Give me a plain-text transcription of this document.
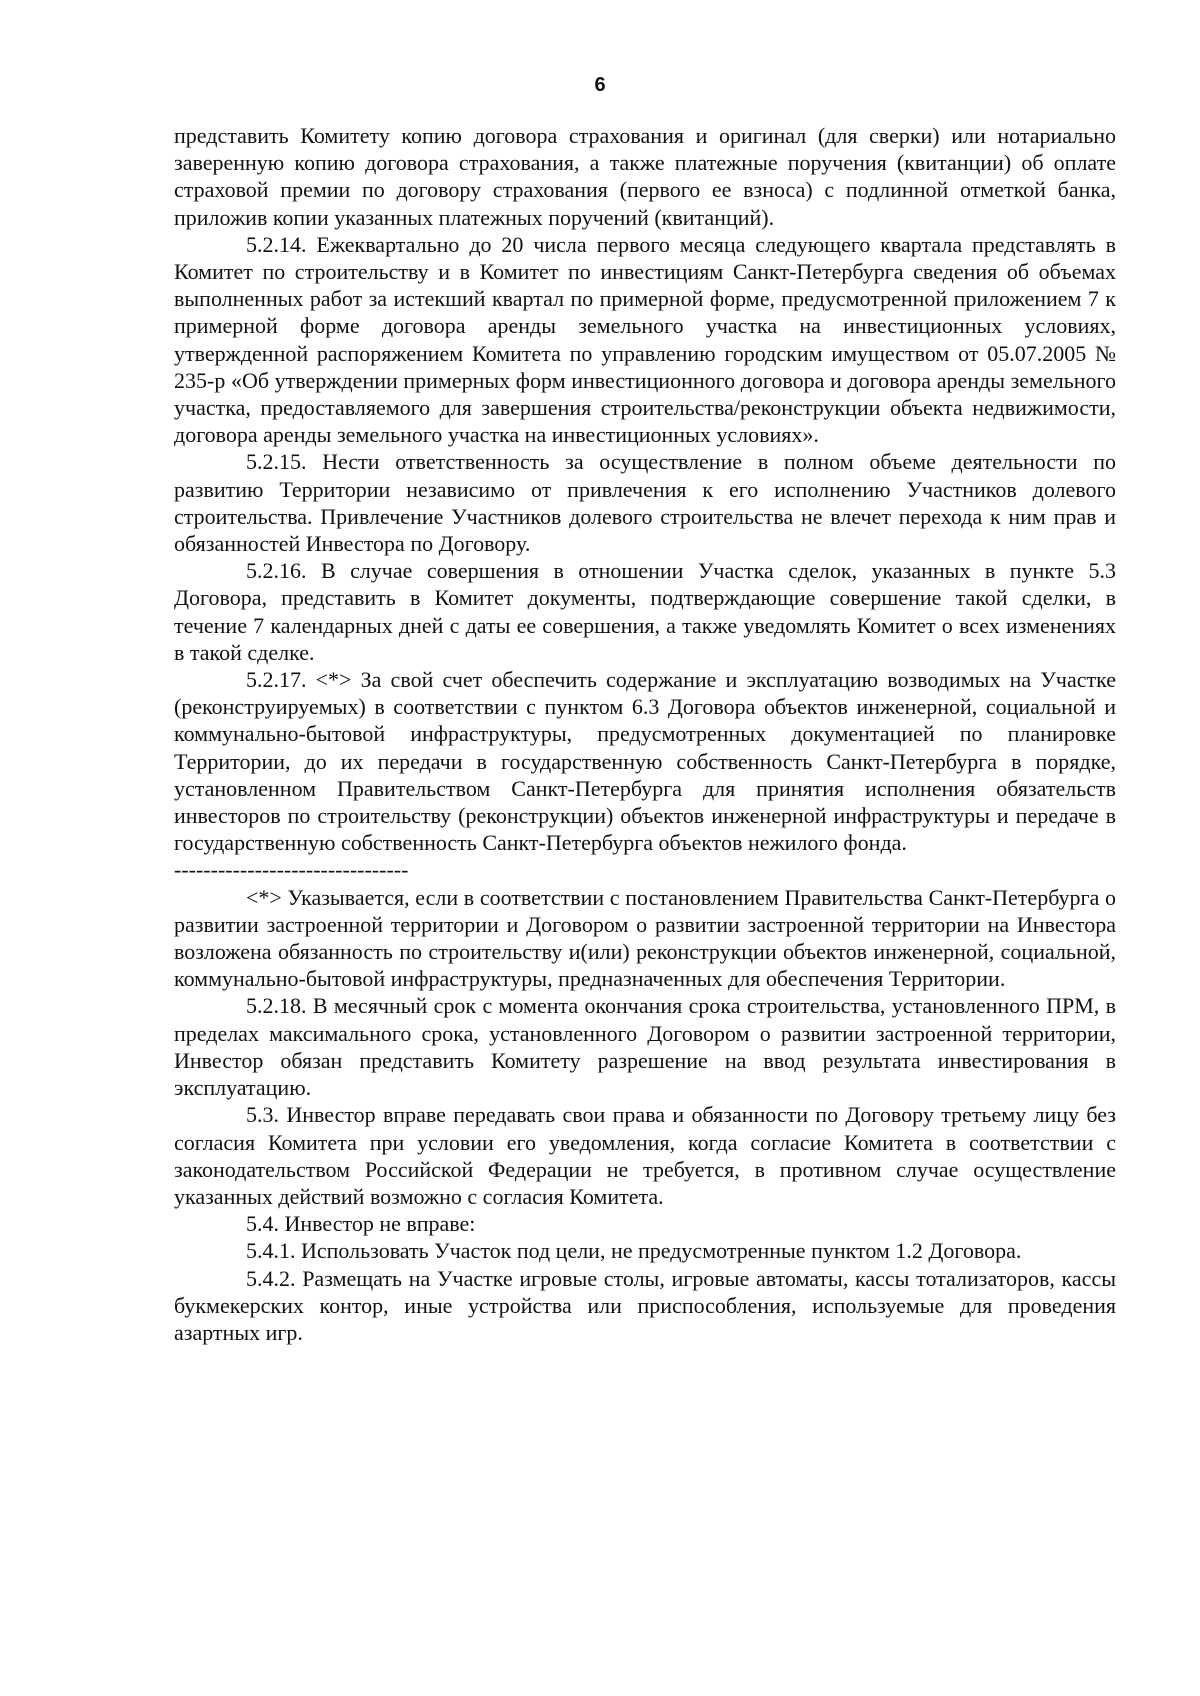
6

представить Комитету копию договора страхования и оригинал (для сверки) или нотариально заверенную копию договора страхования, а также платежные поручения (квитанции) об оплате страховой премии по договору страхования (первого ее взноса) с подлинной отметкой банка, приложив копии указанных платежных поручений (квитанций).

5.2.14. Ежеквартально до 20 числа первого месяца следующего квартала представлять в Комитет по строительству и в Комитет по инвестициям Санкт-Петербурга сведения об объемах выполненных работ за истекший квартал по примерной форме, предусмотренной приложением 7 к примерной форме договора аренды земельного участка на инвестиционных условиях, утвержденной распоряжением Комитета по управлению городским имуществом от 05.07.2005 № 235-р «Об утверждении примерных форм инвестиционного договора и договора аренды земельного участка, предоставляемого для завершения строительства/реконструкции объекта недвижимости, договора аренды земельного участка на инвестиционных условиях».

5.2.15. Нести ответственность за осуществление в полном объеме деятельности по развитию Территории независимо от привлечения к его исполнению Участников долевого строительства. Привлечение Участников долевого строительства не влечет перехода к ним прав и обязанностей Инвестора по Договору.

5.2.16. В случае совершения в отношении Участка сделок, указанных в пункте 5.3 Договора, представить в Комитет документы, подтверждающие совершение такой сделки, в течение 7 календарных дней с даты ее совершения, а также уведомлять Комитет о всех изменениях в такой сделке.

5.2.17. <*> За свой счет обеспечить содержание и эксплуатацию возводимых на Участке (реконструируемых) в соответствии с пунктом 6.3 Договора объектов инженерной, социальной и коммунально-бытовой инфраструктуры, предусмотренных документацией по планировке Территории, до их передачи в государственную собственность Санкт-Петербурга в порядке, установленном Правительством Санкт-Петербурга для принятия исполнения обязательств инвесторов по строительству (реконструкции) объектов инженерной инфраструктуры и передаче в государственную собственность Санкт-Петербурга объектов нежилого фонда.

--------------------------------

<*> Указывается, если в соответствии с постановлением Правительства Санкт-Петербурга о развитии застроенной территории и Договором о развитии застроенной территории на Инвестора возложена обязанность по строительству и(или) реконструкции объектов инженерной, социальной, коммунально-бытовой инфраструктуры, предназначенных для обеспечения Территории.

5.2.18. В месячный срок с момента окончания срока строительства, установленного ПРМ, в пределах максимального срока, установленного Договором о развитии застроенной территории, Инвестор обязан представить Комитету разрешение на ввод результата инвестирования в эксплуатацию.

5.3. Инвестор вправе передавать свои права и обязанности по Договору третьему лицу без согласия Комитета при условии его уведомления, когда согласие Комитета в соответствии с законодательством Российской Федерации не требуется, в противном случае осуществление указанных действий возможно с согласия Комитета.

5.4. Инвестор не вправе:

5.4.1. Использовать Участок под цели, не предусмотренные пунктом 1.2 Договора.

5.4.2. Размещать на Участке игровые столы, игровые автоматы, кассы тотализаторов, кассы букмекерских контор, иные устройства или приспособления, используемые для проведения азартных игр.
